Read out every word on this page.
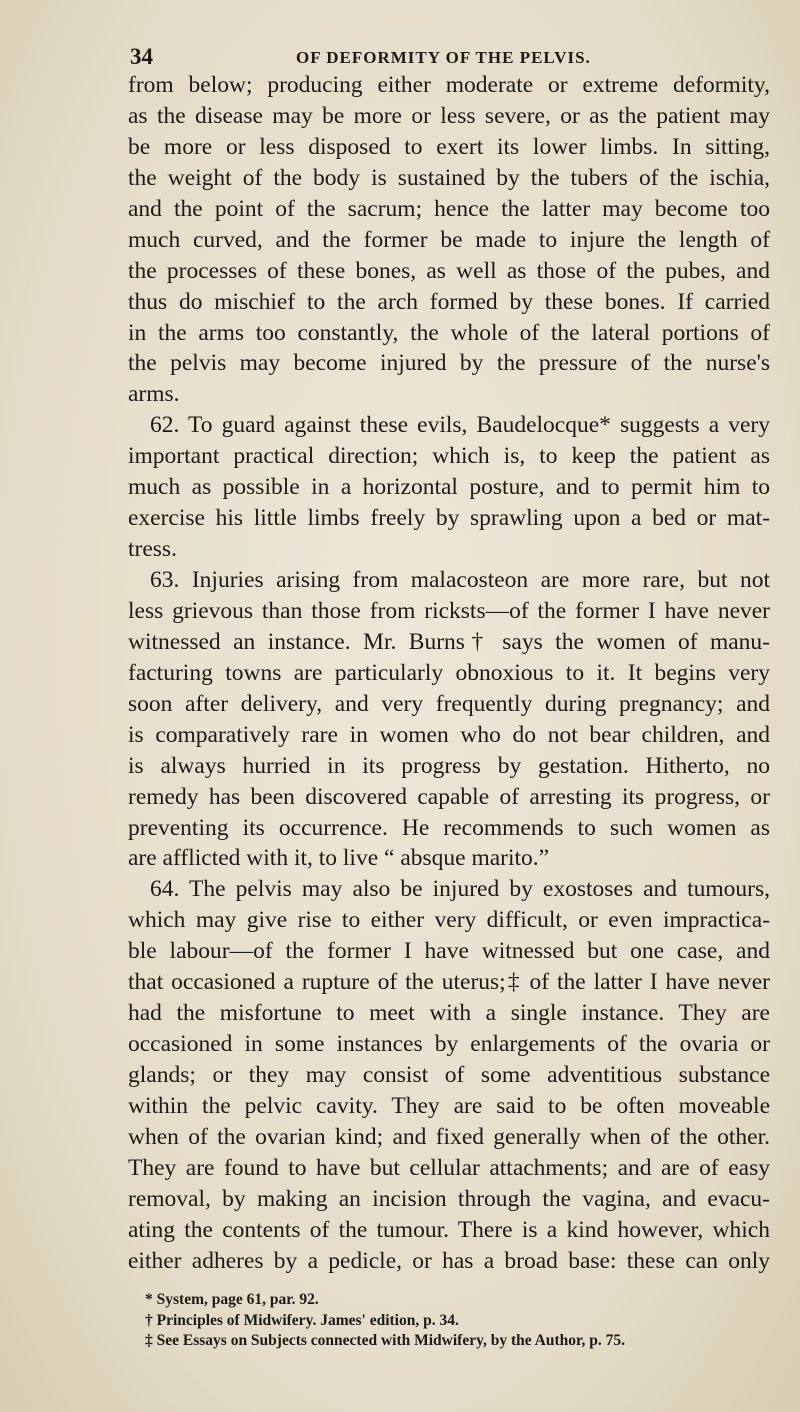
34	OF DEFORMITY OF THE PELVIS.
from below; producing either moderate or extreme deformity,
as the disease may be more or less severe, or as the patient may
be more or less disposed to exert its lower limbs. In sitting,
the weight of the body is sustained by the tubers of the ischia,
and the point of the sacrum; hence the latter may become too
much curved, and the former be made to injure the length of
the processes of these bones, as well as those of the pubes, and
thus do mischief to the arch formed by these bones. If carried
in the arms too constantly, the whole of the lateral portions of
the pelvis may become injured by the pressure of the nurse's
arms.
62. To guard against these evils, Baudelocque* suggests a very
important practical direction; which is, to keep the patient as
much as possible in a horizontal posture, and to permit him to
exercise his little limbs freely by sprawling upon a bed or mat-
tress.
63. Injuries arising from malacosteon are more rare, but not
less grievous than those from ricksts—of the former I have never
witnessed an instance. Mr. Burns† says the women of manu-
facturing towns are particularly obnoxious to it. It begins very
soon after delivery, and very frequently during pregnancy; and
is comparatively rare in women who do not bear children, and
is always hurried in its progress by gestation. Hitherto, no
remedy has been discovered capable of arresting its progress, or
preventing its occurrence. He recommends to such women as
are afflicted with it, to live “ absque marito.”
64. The pelvis may also be injured by exostoses and tumours,
which may give rise to either very difficult, or even impractica-
ble labour—of the former I have witnessed but one case, and
that occasioned a rupture of the uterus;‡ of the latter I have never
had the misfortune to meet with a single instance. They are
occasioned in some instances by enlargements of the ovaria or
glands; or they may consist of some adventitious substance
within the pelvic cavity. They are said to be often moveable
when of the ovarian kind; and fixed generally when of the other.
They are found to have but cellular attachments; and are of easy
removal, by making an incision through the vagina, and evacu-
ating the contents of the tumour. There is a kind however, which
either adheres by a pedicle, or has a broad base: these can only
* System, page 61, par. 92.
† Principles of Midwifery. James' edition, p. 34.
‡ See Essays on Subjects connected with Midwifery, by the Author, p. 75.
